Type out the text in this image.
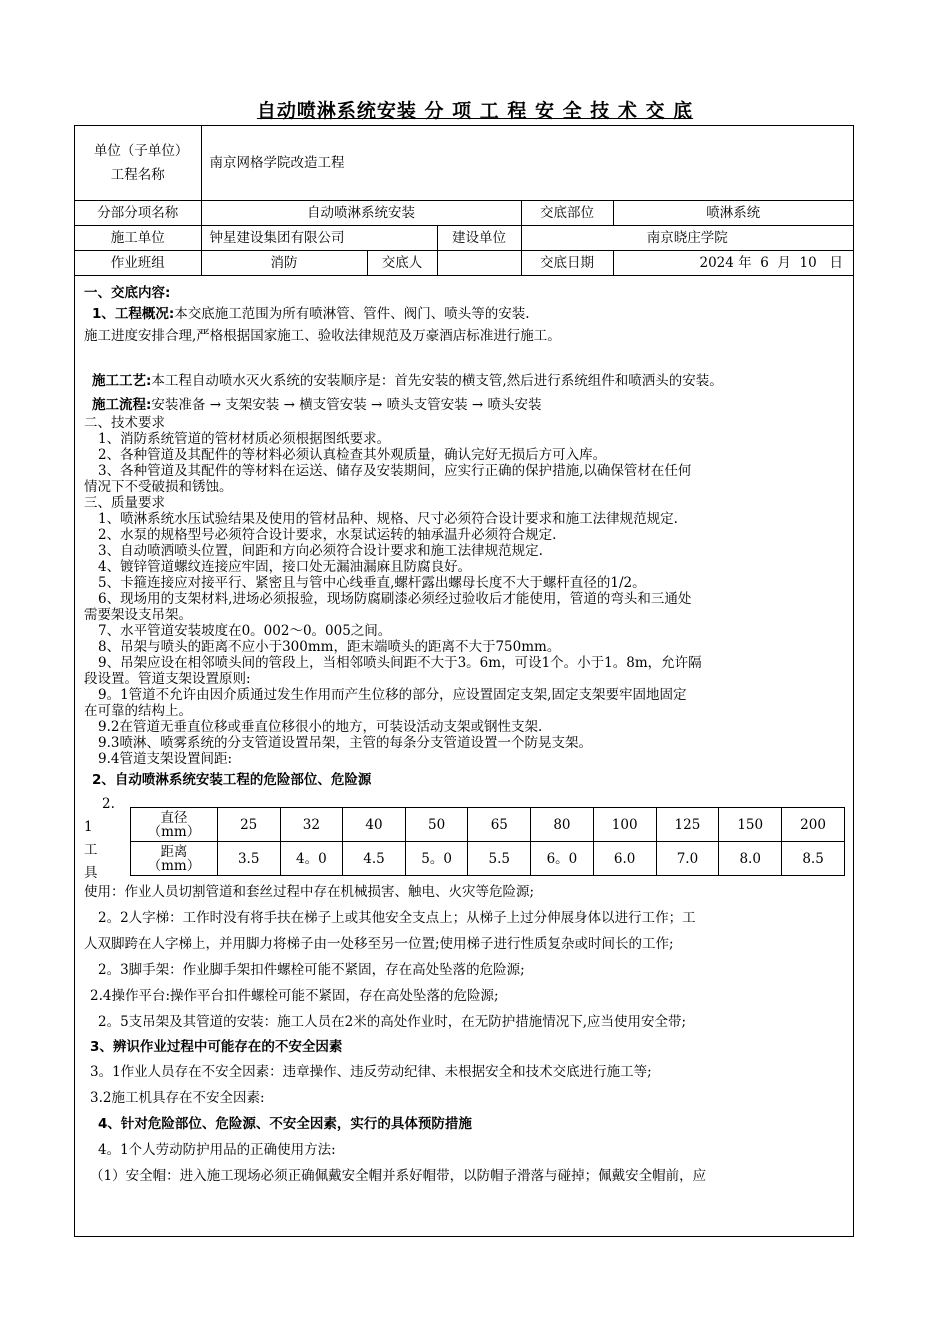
自动喷淋系统安装 分 项 工 程 安 全 技 术 交 底
单位（子单位）工程名称	南京网格学院改造工程				
分部分项名称	自动喷淋系统安装			交底部位	喷淋系统
施工单位	钟星建设集团有限公司		建设单位	南京晓庄学院	
作业班组	消防	交底人		交底日期	2024 年  6  月  10   日
一、交底内容:

1、工程概况:本交底施工范围为所有喷淋管、管件、阀门、喷头等的安装.

施工进度安排合理,严格根据国家施工、验收法律规范及万豪酒店标准进行施工。

施工工艺:本工程自动喷水灭火系统的安装顺序是：首先安装的横支管,然后进行系统组件和喷洒头的安装。

施工流程:安装准备 → 支架安装 → 横支管安装 → 喷头支管安装 → 喷头安装

二、技术要求

1、消防系统管道的管材材质必须根据图纸要求。

2、各种管道及其配件的等材料必须认真检查其外观质量，确认完好无损后方可入库。

3、各种管道及其配件的等材料在运送、储存及安装期间，应实行正确的保护措施,以确保管材在任何

情况下不受破损和锈蚀。

三、质量要求

1、喷淋系统水压试验结果及使用的管材品种、规格、尺寸必须符合设计要求和施工法律规范规定.

2、水泵的规格型号必须符合设计要求，水泵试运转的轴承温升必须符合规定.

3、自动喷洒喷头位置，间距和方向必须符合设计要求和施工法律规范规定.

4、镀锌管道螺纹连接应牢固，接口处无漏油漏麻且防腐良好。

5、卡箍连接应对接平行、紧密且与管中心线垂直,螺杆露出螺母长度不大于螺杆直径的1/2。

6、现场用的支架材料,进场必须报验，现场防腐刷漆必须经过验收后才能使用，管道的弯头和三通处

需要架设支吊架。

7、水平管道安装坡度在0。002～0。005之间。

8、吊架与喷头的距离不应小于300mm，距末端喷头的距离不大于750mm。

9、吊架应设在相邻喷头间的管段上，当相邻喷头间距不大于3。6m，可设1个。小于1。8m，允许隔

段设置。管道支架设置原则:

9。1管道不允许由因介质通过发生作用而产生位移的部分，应设置固定支架,固定支架要牢固地固定

在可靠的结构上。

9.2在管道无垂直位移或垂直位移很小的地方，可装设活动支架或钢性支架.

9.3喷淋、喷雾系统的分支管道设置吊架，主管的每条分支管道设置一个防晃支架。

9.4管道支架设置间距:

2、自动喷淋系统安装工程的危险部位、危险源
2.
1
工
具
直径
（mm）	25	32	40	50	65	80	100	125	150	200

距离
（mm）	3.5	4。0	4.5	5。0	5.5	6。0	6.0	7.0	8.0	8.5

使用：作业人员切割管道和套丝过程中存在机械损害、触电、火灾等危险源;

2。2人字梯：工作时没有将手扶在梯子上或其他安全支点上；从梯子上过分伸展身体以进行工作；工

人双脚跨在人字梯上，并用脚力将梯子由一处移至另一位置;使用梯子进行性质复杂或时间长的工作;

2。3脚手架：作业脚手架扣件螺栓可能不紧固，存在高处坠落的危险源;

2.4操作平台:操作平台扣件螺栓可能不紧固，存在高处坠落的危险源;

2。5支吊架及其管道的安装：施工人员在2米的高处作业时，在无防护措施情况下,应当使用安全带;

3、辨识作业过程中可能存在的不安全因素

3。1作业人员存在不安全因素：违章操作、违反劳动纪律、未根据安全和技术交底进行施工等;

3.2施工机具存在不安全因素:

4、针对危险部位、危险源、不安全因素，实行的具体预防措施

4。1个人劳动防护用品的正确使用方法:

（1）安全帽：进入施工现场必须正确佩戴安全帽并系好帽带，以防帽子滑落与碰掉；佩戴安全帽前，应
